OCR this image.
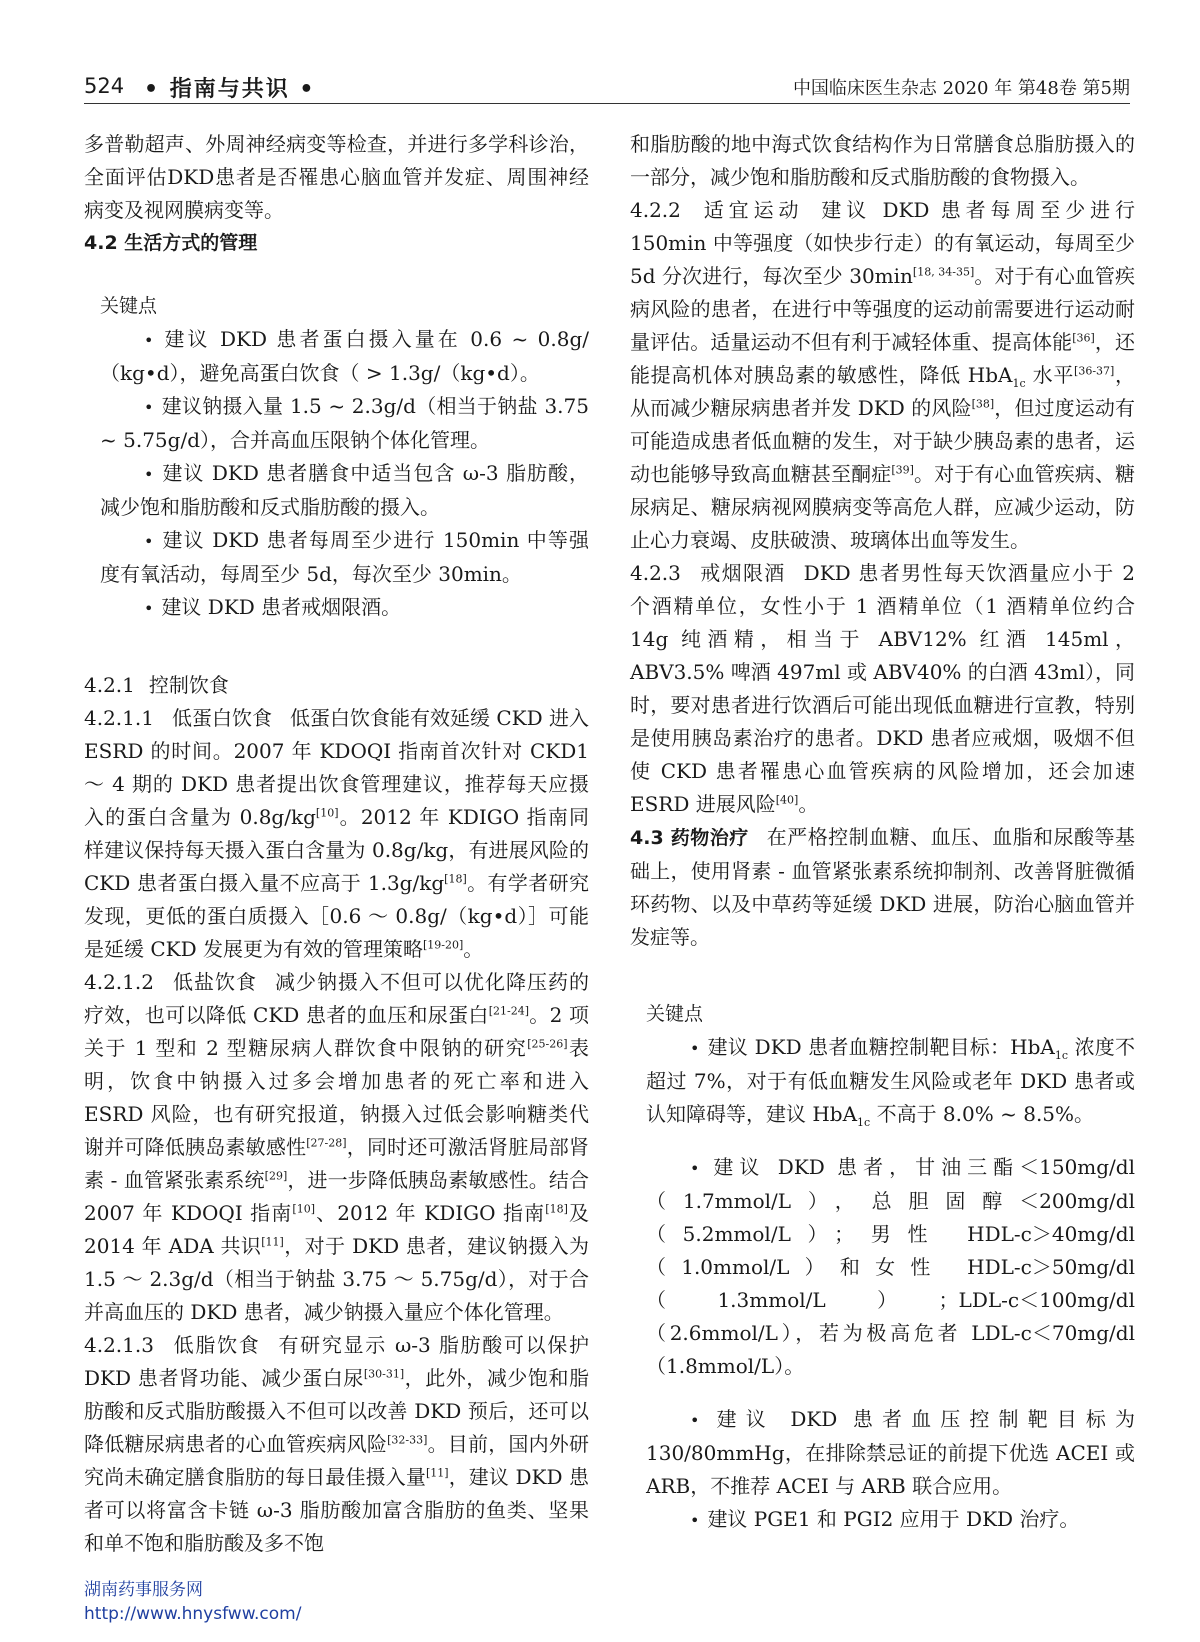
524 • 指南与共识 •	中国临床医生杂志 2020 年 第48卷 第5期

多普勒超声、外周神经病变等检查，并进行多学科诊治，全面评估DKD患者是否罹患心脑血管并发症、周围神经病变及视网膜病变等。

4.2 生活方式的管理

关键点

• 建议 DKD 患者蛋白摄入量在 0.6 ~ 0.8g/（kg•d），避免高蛋白饮食（ > 1.3g/（kg•d）。

• 建议钠摄入量 1.5 ~ 2.3g/d（相当于钠盐 3.75 ~ 5.75g/d），合并高血压限钠个体化管理。

• 建议 DKD 患者膳食中适当包含 ω-3 脂肪酸，减少饱和脂肪酸和反式脂肪酸的摄入。

• 建议 DKD 患者每周至少进行 150min 中等强度有氧活动，每周至少 5d，每次至少 30min。

• 建议 DKD 患者戒烟限酒。

4.2.1 控制饮食

4.2.1.1 低蛋白饮食 低蛋白饮食能有效延缓 CKD 进入 ESRD 的时间。2007 年 KDOQI 指南首次针对 CKD1 ～ 4 期的 DKD 患者提出饮食管理建议，推荐每天应摄入的蛋白含量为 0.8g/kg[10]。2012 年 KDIGO 指南同样建议保持每天摄入蛋白含量为 0.8g/kg，有进展风险的 CKD 患者蛋白摄入量不应高于 1.3g/kg[18]。有学者研究发现，更低的蛋白质摄入［0.6 ～ 0.8g/（kg•d）］可能是延缓 CKD 发展更为有效的管理策略[19-20]。

4.2.1.2 低盐饮食 减少钠摄入不但可以优化降压药的疗效，也可以降低 CKD 患者的血压和尿蛋白[21-24]。2 项关于 1 型和 2 型糖尿病人群饮食中限钠的研究[25-26]表明，饮食中钠摄入过多会增加患者的死亡率和进入 ESRD 风险，也有研究报道，钠摄入过低会影响糖类代谢并可降低胰岛素敏感性[27-28]，同时还可激活肾脏局部肾素 - 血管紧张素系统[29]，进一步降低胰岛素敏感性。结合 2007 年 KDOQI 指南[10]、2012 年 KDIGO 指南[18]及 2014 年 ADA 共识[11]，对于 DKD 患者，建议钠摄入为 1.5 ～ 2.3g/d（相当于钠盐 3.75 ～ 5.75g/d），对于合并高血压的 DKD 患者，减少钠摄入量应个体化管理。

4.2.1.3 低脂饮食 有研究显示 ω-3 脂肪酸可以保护 DKD 患者肾功能、减少蛋白尿[30-31]，此外，减少饱和脂肪酸和反式脂肪酸摄入不但可以改善 DKD 预后，还可以降低糖尿病患者的心血管疾病风险[32-33]。目前，国内外研究尚未确定膳食脂肪的每日最佳摄入量[11]，建议 DKD 患者可以将富含卡链 ω-3 脂肪酸加富含脂肪的鱼类、坚果和单不饱和脂肪酸及多不饱

和脂肪酸的地中海式饮食结构作为日常膳食总脂肪摄入的一部分，减少饱和脂肪酸和反式脂肪酸的食物摄入。

4.2.2 适宜运动 建议 DKD 患者每周至少进行 150min 中等强度（如快步行走）的有氧运动，每周至少 5d 分次进行，每次至少 30min[18, 34-35]。对于有心血管疾病风险的患者，在进行中等强度的运动前需要进行运动耐量评估。适量运动不但有利于减轻体重、提高体能[36]，还能提高机体对胰岛素的敏感性，降低 HbA$_{1c}$ 水平[36-37]，从而减少糖尿病患者并发 DKD 的风险[38]，但过度运动有可能造成患者低血糖的发生，对于缺少胰岛素的患者，运动也能够导致高血糖甚至酮症[39]。对于有心血管疾病、糖尿病足、糖尿病视网膜病变等高危人群，应减少运动，防止心力衰竭、皮肤破溃、玻璃体出血等发生。

4.2.3 戒烟限酒 DKD 患者男性每天饮酒量应小于 2 个酒精单位，女性小于 1 酒精单位（1 酒精单位约合 14g 纯酒精，相当于 ABV12% 红酒 145ml，ABV3.5% 啤酒 497ml 或 ABV40% 的白酒 43ml），同时，要对患者进行饮酒后可能出现低血糖进行宣教，特别是使用胰岛素治疗的患者。DKD 患者应戒烟，吸烟不但使 CKD 患者罹患心血管疾病的风险增加，还会加速 ESRD 进展风险[40]。

4.3 药物治疗 在严格控制血糖、血压、血脂和尿酸等基础上，使用肾素 - 血管紧张素系统抑制剂、改善肾脏微循环药物、以及中草药等延缓 DKD 进展，防治心脑血管并发症等。

关键点

• 建议 DKD 患者血糖控制靶目标：HbA$_{1c}$ 浓度不超过 7%，对于有低血糖发生风险或老年 DKD 患者或认知障碍等，建议 HbA$_{1c}$ 不高于 8.0% ~ 8.5%。

• 建议 DKD 患者，甘油三酯＜150mg/dl（1.7mmol/L），总胆固醇＜200mg/dl（5.2mmol/L）；男性 HDL-c＞40mg/dl（1.0mmol/L）和女性 HDL-c＞50mg/dl（1.3mmol/L）；LDL-c＜100mg/dl（2.6mmol/L），若为极高危者 LDL-c＜70mg/dl（1.8mmol/L）。

• 建议 DKD 患者血压控制靶目标为 130/80mmHg，在排除禁忌证的前提下优选 ACEI 或 ARB，不推荐 ACEI 与 ARB 联合应用。

• 建议 PGE1 和 PGI2 应用于 DKD 治疗。

湖南药事服务网
http://www.hnysfww.com/
